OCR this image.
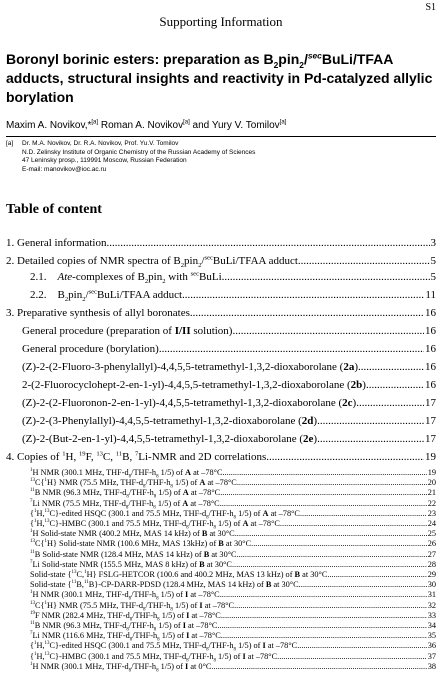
S1
Supporting Information
Boronyl borinic esters: preparation as $B_2pin_2/^{sec}BuLi$/TFAA adducts, structural insights and reactivity in Pd-catalyzed allylic borylation
Maxim A. Novikov,*[a] Roman A. Novikov[a] and Yury V. Tomilov[a]
[a] Dr. M.A. Novikov, Dr. R.A. Novikov, Prof. Yu.V. Tomilov
N.D. Zelinsky Institute of Organic Chemistry of the Russian Academy of Sciences
47 Leninsky prosp., 119991 Moscow, Russian Federation
E-mail: manovikov@ioc.ac.ru
Table of content
1. General information .....	3
2. Detailed copies of NMR spectra of $B_2pin_2/^{sec}BuLi$/TFAA adduct .....	5
2.1.    Ate-complexes of $B_2pin_2$ with $^{sec}$BuLi .....	5
2.2.    $B_2pin_2/^{sec}BuLi$/TFAA adduct .....	11
3. Preparative synthesis of allyl boronates .....	16
General procedure (preparation of I/II solution) .....	16
General procedure (borylation) .....	16
(Z)-2-(2-Fluoro-3-phenylallyl)-4,4,5,5-tetramethyl-1,3,2-dioxaborolane (2a) .....	16
2-(2-Fluorocyclohept-2-en-1-yl)-4,4,5,5-tetramethyl-1,3,2-dioxaborolane (2b) .....	16
(Z)-2-(2-Fluoronon-2-en-1-yl)-4,4,5,5-tetramethyl-1,3,2-dioxaborolane (2c) .....	17
(Z)-2-(3-Phenylallyl)-4,4,5,5-tetramethyl-1,3,2-dioxaborolane (2d) .....	17
(Z)-2-(But-2-en-1-yl)-4,4,5,5-tetramethyl-1,3,2-dioxaborolane (2e) .....	17
4. Copies of $^1$H, $^{19}$F, $^{13}$C, $^{11}$B, $^7$Li-NMR and 2D correlations .....	19
$^1$H NMR (300.1 MHz, THF-$d_8/THF-h_8$ 1/5) of A at –78°C .....	19
$^{13}$C{$^1$H} NMR (75.5 MHz, THF-$d_8/THF-h_8$ 1/5) of A at –78°C .....	20
$^{11}$B NMR (96.3 MHz, THF-$d_8/THF-h_8$ 1/5) of A at –78°C .....	21
$^7$Li NMR (75.5 MHz, THF-$d_8/THF-h_8$ 1/5) of A at –78°C .....	22
{$^1$H,$^{13}$C}-edited HSQC (300.1 and 75.5 MHz, THF-$d_8/THF-h_8$ 1/5) of A at –78°C .....	23
{$^1$H,$^{13}$C}-HMBC (300.1 and 75.5 MHz, THF-$d_8/THF-h_8$ 1/5) of A at –78°C .....	24
$^1$H Solid-state NMR (400.2 MHz, MAS 14 kHz) of B at 30°C .....	25
$^{13}$C{$^1$H} Solid-state NMR (100.6 MHz, MAS 13kHz) of B at 30°C .....	26
$^{11}$B Solid-state NMR (128.4 MHz, MAS 14 kHz) of B at 30°C .....	27
$^7$Li Solid-state NMR (155.5 MHz, MAS 8 kHz) of B at 30°C .....	28
Solid-state {$^{13}$C,$^1$H} FSLG-HETCOR (100.6 and 400.2 MHz, MAS 13 kHz) of B at 30°C .....	29
Solid-state {$^{11}$B,$^{11}$B}-CP-DARR-PDSD (128.4 MHz, MAS 14 kHz) of B at 30°C .....	30
$^1$H NMR (300.1 MHz, THF-$d_8/THF-h_8$ 1/5) of I at –78°C .....	31
$^{13}$C{$^1$H} NMR (75.5 MHz, THF-$d_8/THF-h_8$ 1/5) of I at –78°C .....	32
$^{19}$F NMR (282.4 MHz, THF-$d_8/THF-h_8$ 1/5) of I at –78°C .....	33
$^{11}$B NMR (96.3 MHz, THF-$d_8/THF-h_8$ 1/5) of I at –78°C .....	34
$^7$Li NMR (116.6 MHz, THF-$d_8/THF-h_8$ 1/5) of I at –78°C .....	35
{$^1$H,$^{13}$C}-edited HSQC (300.1 and 75.5 MHz, THF-$d_8/THF-h_8$ 1/5) of I at –78°C .....	36
{$^1$H,$^{13}$C}-HMBC (300.1 and 75.5 MHz, THF-$d_8/THF-h_8$ 1/5) of I at –78°C .....	37
$^1$H NMR (300.1 MHz, THF-$d_8/THF-h_8$ 1/5) of I at 0°C .....	38
